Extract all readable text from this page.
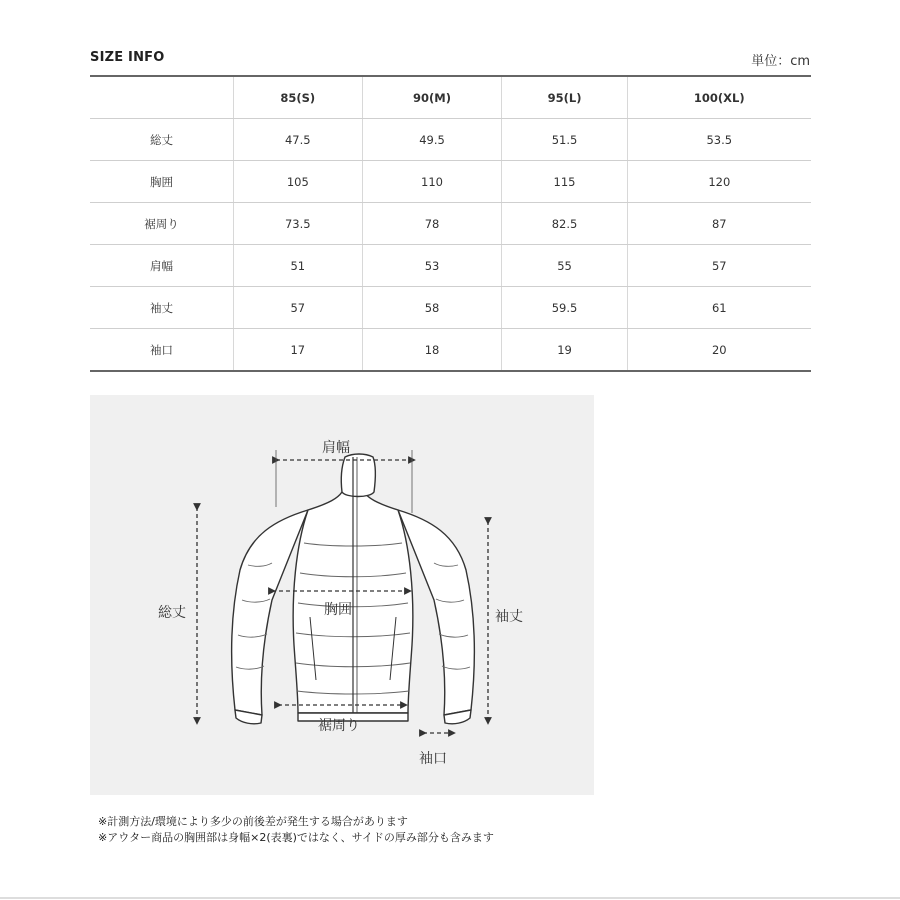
SIZE INFO	単位：cm
	85(S)	90(M)	95(L)	100(XL)
総丈	47.5	49.5	51.5	53.5
胸囲	105	110	115	120
裾周り	73.5	78	82.5	87
肩幅	51	53	55	57
袖丈	57	58	59.5	61
袖口	17	18	19	20
肩幅
総丈	胸囲	袖丈
裾周り
袖口
※計測方法/環境により多少の前後差が発生する場合があります
※アウター商品の胸囲部は身幅×2(表裏)ではなく、サイドの厚み部分も含みます
